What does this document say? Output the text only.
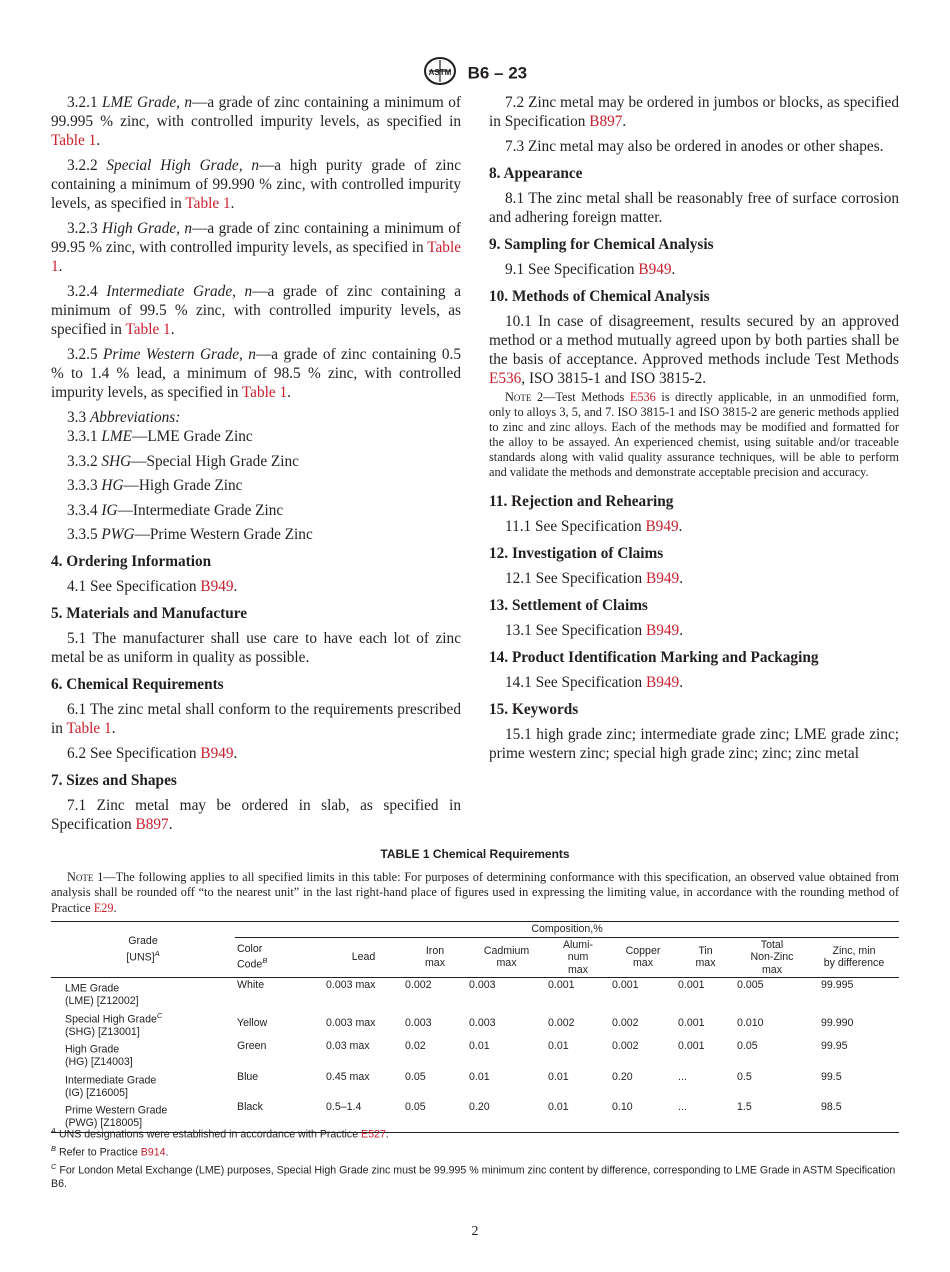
ASTM B6 – 23

3.2.1 LME Grade, n—a grade of zinc containing a minimum of 99.995 % zinc, with controlled impurity levels, as specified in Table 1.

3.2.2 Special High Grade, n—a high purity grade of zinc containing a minimum of 99.990 % zinc, with controlled impurity levels, as specified in Table 1.

3.2.3 High Grade, n—a grade of zinc containing a minimum of 99.95 % zinc, with controlled impurity levels, as specified in Table 1.

3.2.4 Intermediate Grade, n—a grade of zinc containing a minimum of 99.5 % zinc, with controlled impurity levels, as specified in Table 1.

3.2.5 Prime Western Grade, n—a grade of zinc containing 0.5 % to 1.4 % lead, a minimum of 98.5 % zinc, with controlled impurity levels, as specified in Table 1.

3.3 Abbreviations:

3.3.1 LME—LME Grade Zinc

3.3.2 SHG—Special High Grade Zinc

3.3.3 HG—High Grade Zinc

3.3.4 IG—Intermediate Grade Zinc

3.3.5 PWG—Prime Western Grade Zinc

4. Ordering Information

4.1 See Specification B949.

5. Materials and Manufacture

5.1 The manufacturer shall use care to have each lot of zinc metal be as uniform in quality as possible.

6. Chemical Requirements

6.1 The zinc metal shall conform to the requirements prescribed in Table 1.

6.2 See Specification B949.

7. Sizes and Shapes

7.1 Zinc metal may be ordered in slab, as specified in Specification B897.

7.2 Zinc metal may be ordered in jumbos or blocks, as specified in Specification B897.

7.3 Zinc metal may also be ordered in anodes or other shapes.

8. Appearance

8.1 The zinc metal shall be reasonably free of surface corrosion and adhering foreign matter.

9. Sampling for Chemical Analysis

9.1 See Specification B949.

10. Methods of Chemical Analysis

10.1 In case of disagreement, results secured by an approved method or a method mutually agreed upon by both parties shall be the basis of acceptance. Approved methods include Test Methods E536, ISO 3815-1 and ISO 3815-2.

Note 2—Test Methods E536 is directly applicable, in an unmodified form, only to alloys 3, 5, and 7. ISO 3815-1 and ISO 3815-2 are generic methods applied to zinc and zinc alloys. Each of the methods may be modified and formatted for the alloy to be assayed. An experienced chemist, using suitable and/or traceable standards along with valid quality assurance techniques, will be able to perform and validate the methods and demonstrate acceptable precision and accuracy.

11. Rejection and Rehearing

11.1 See Specification B949.

12. Investigation of Claims

12.1 See Specification B949.

13. Settlement of Claims

13.1 See Specification B949.

14. Product Identification Marking and Packaging

14.1 See Specification B949.

15. Keywords

15.1 high grade zinc; intermediate grade zinc; LME grade zinc; prime western zinc; special high grade zinc; zinc; zinc metal

TABLE 1 Chemical Requirements
Note 1—The following applies to all specified limits in this table: For purposes of determining conformance with this specification, an observed value obtained from analysis shall be rounded off “to the nearest unit” in the last right-hand place of figures used in expressing the limiting value, in accordance with the rounding method of Practice E29.
Grade
[UNS]$^A$	Composition,%								
	Color
Code$^B$	Lead	Iron
max	Cadmium
max	Alumi-
num
max	Copper
max	Tin
max	Total
Non-Zinc
max	Zinc, min
by difference
LME Grade
(LME) [Z12002]	White	0.003 max	0.002	0.003	0.001	0.001	0.001	0.005	99.995
Special High Grade$^C$
(SHG) [Z13001]	Yellow	0.003 max	0.003	0.003	0.002	0.002	0.001	0.010	99.990
High Grade
(HG) [Z14003]	Green	0.03 max	0.02	0.01	0.01	0.002	0.001	0.05	99.95
Intermediate Grade
(IG) [Z16005]	Blue	0.45 max	0.05	0.01	0.01	0.20	...	0.5	99.5
Prime Western Grade
(PWG) [Z18005]	Black	0.5–1.4	0.05	0.20	0.01	0.10	...	1.5	98.5

$^A$ UNS designations were established in accordance with Practice E527.

$^B$ Refer to Practice B914.

$^C$ For London Metal Exchange (LME) purposes, Special High Grade zinc must be 99.995 % minimum zinc content by difference, corresponding to LME Grade in ASTM Specification B6.

2
